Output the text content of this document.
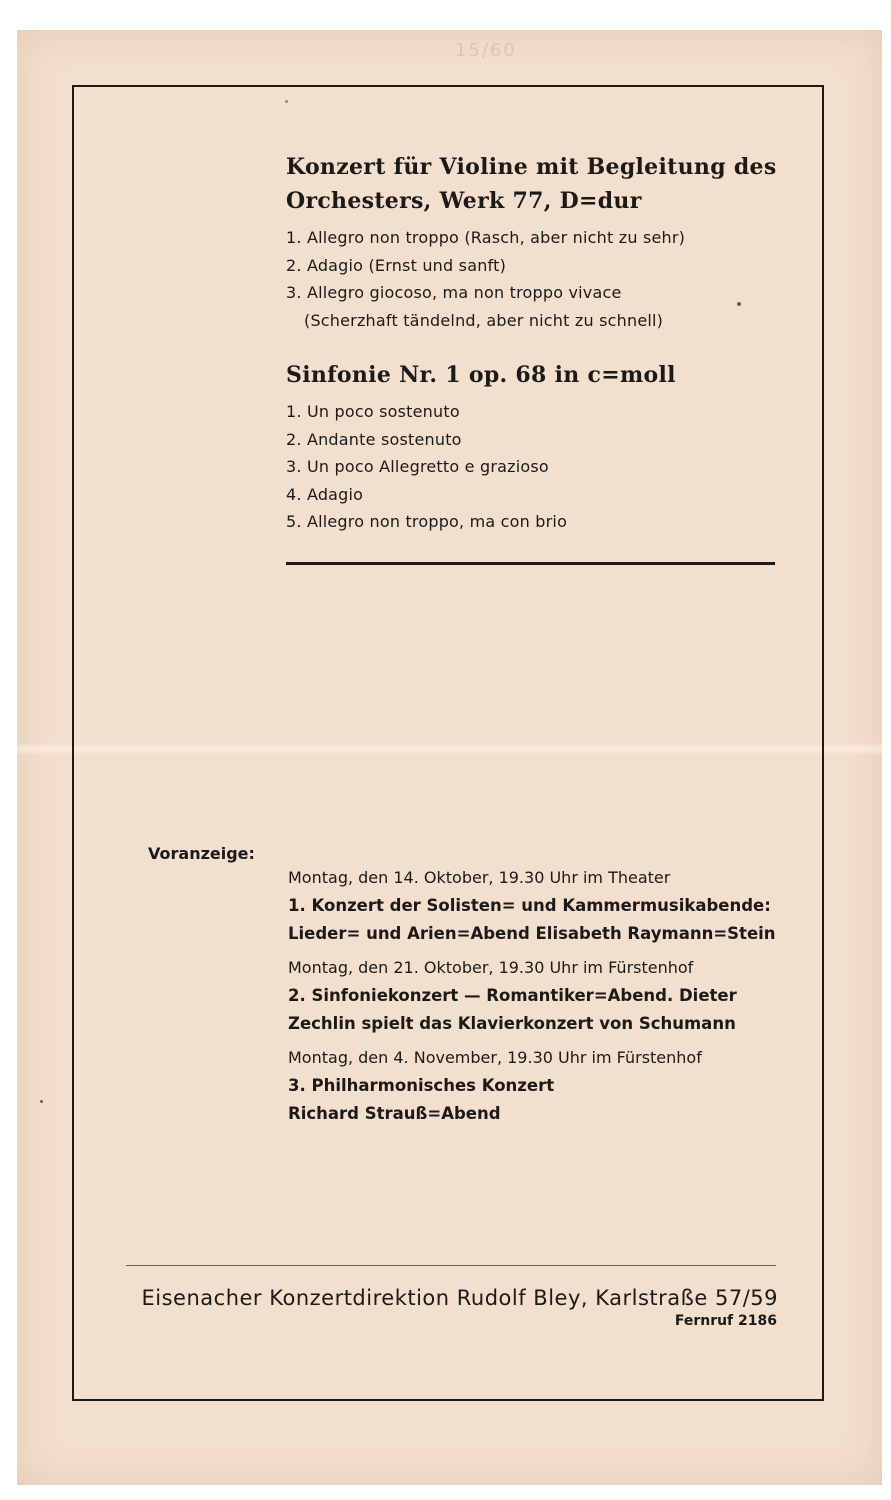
15/60
Konzert für Violine mit Begleitung des
Orchesters, Werk 77, D=dur
1. Allegro non troppo (Rasch, aber nicht zu sehr)
2. Adagio (Ernst und sanft)
3. Allegro giocoso, ma non troppo vivace
(Scherzhaft tändelnd, aber nicht zu schnell)
Sinfonie Nr. 1 op. 68 in c=moll
1. Un poco sostenuto
2. Andante sostenuto
3. Un poco Allegretto e grazioso
4. Adagio
5. Allegro non troppo, ma con brio
Voranzeige:
Montag, den 14. Oktober, 19.30 Uhr im Theater
1. Konzert der Solisten= und Kammermusikabende:
Lieder= und Arien=Abend Elisabeth Raymann=Stein
Montag, den 21. Oktober, 19.30 Uhr im Fürstenhof
2. Sinfoniekonzert — Romantiker=Abend. Dieter
Zechlin spielt das Klavierkonzert von Schumann
Montag, den 4. November, 19.30 Uhr im Fürstenhof
3. Philharmonisches Konzert
Richard Strauß=Abend
Eisenacher Konzertdirektion Rudolf Bley, Karlstraße 57/59
Fernruf 2186
